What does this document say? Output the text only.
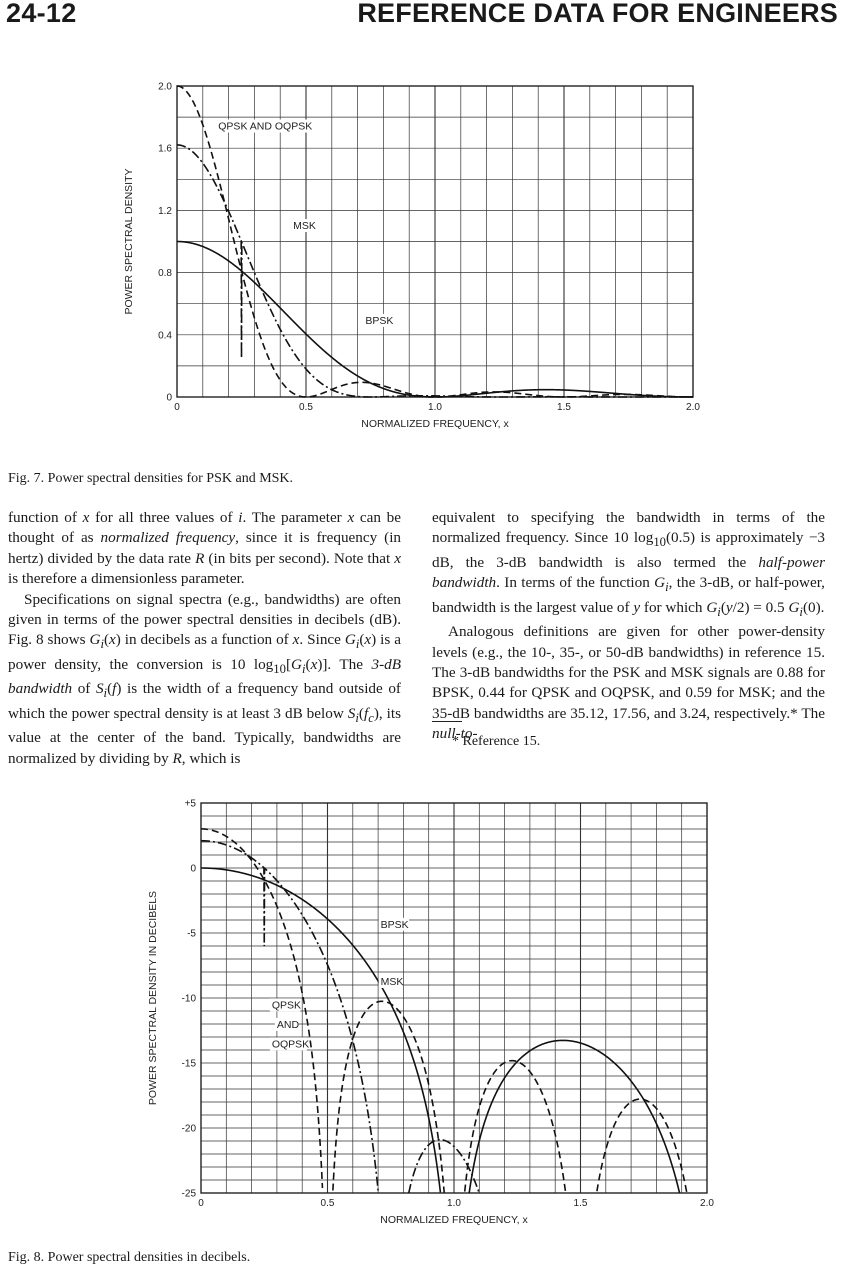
24-12	REFERENCE DATA FOR ENGINEERS
0	0.5	1.0	1.5	2.0
0
0.4
0.8
1.2
1.6
2.0
QPSK AND OQPSK
MSK
BPSK
NORMALIZED FREQUENCY, x
POWER SPECTRAL DENSITY
Fig. 7. Power spectral densities for PSK and MSK.

function of x for all three values of i. The parameter x can be thought of as normalized frequency, since it is frequency (in hertz) divided by the data rate R (in bits per second). Note that x is therefore a dimensionless parameter.

Specifications on signal spectra (e.g., bandwidths) are often given in terms of the power spectral densities in decibels (dB). Fig. 8 shows $G_i(x)$ in decibels as a function of x. Since $G_i(x)$ is a power density, the conversion is 10 $\log_{10}[G_i(x)]$. The 3-dB bandwidth of $S_i(f)$ is the width of a frequency band outside of which the power spectral density is at least 3 dB below $S_i(f_c)$, its value at the center of the band. Typically, bandwidths are normalized by dividing by R, which is

equivalent to specifying the bandwidth in terms of the normalized frequency. Since 10 $\log_{10}(0.5)$ is approximately −3 dB, the 3-dB bandwidth is also termed the half-power bandwidth. In terms of the function $G_i$, the 3-dB, or half-power, bandwidth is the largest value of y for which $G_i(y/2) = 0.5$ $G_i(0)$.

Analogous definitions are given for other power-density levels (e.g., the 10-, 35-, or 50-dB bandwidths) in reference 15. The 3-dB bandwidths for the PSK and MSK signals are 0.88 for BPSK, 0.44 for QPSK and OQPSK, and 0.59 for MSK; and the 35-dB bandwidths are 35.12, 17.56, and 3.24, respectively.* The null-to-

* Reference 15.
0	0.5	1.0	1.5	2.0
+5
0
-5
-10
-15
-20
-25
BPSK
MSK
QPSK
AND
OQPSK
NORMALIZED FREQUENCY, x
POWER SPECTRAL DENSITY IN DECIBELS
Fig. 8. Power spectral densities in decibels.
